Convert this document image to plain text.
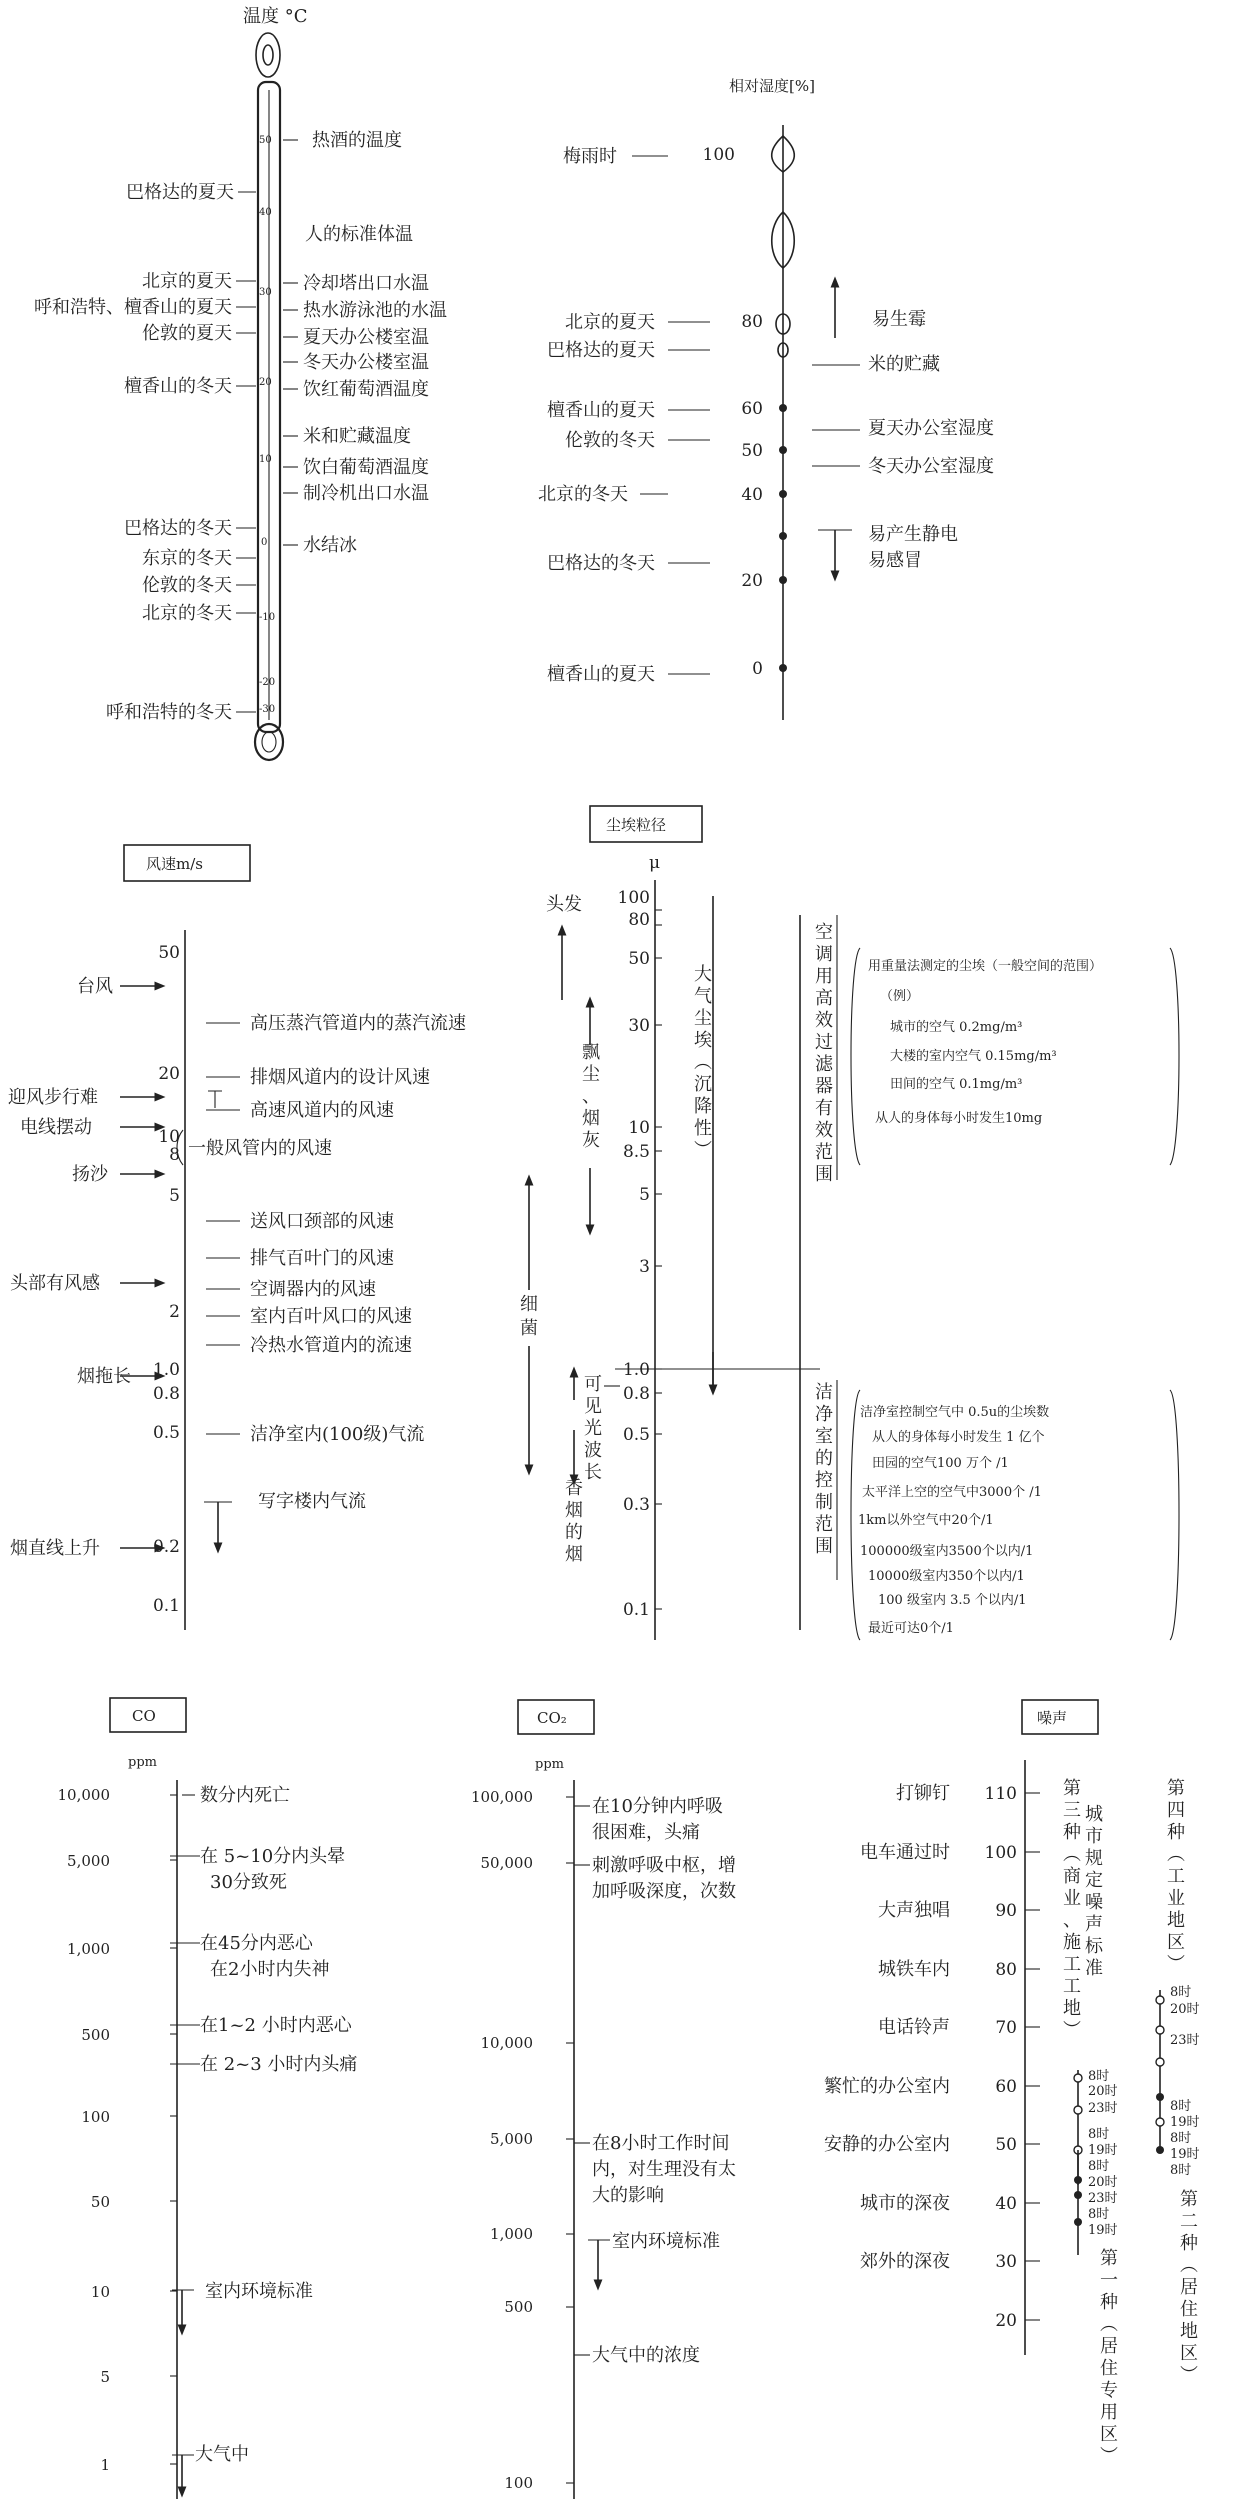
温度 °C
50
40
30
20
10
0
-10
-20
-30
巴格达的夏天
北京的夏天
呼和浩特、檀香山的夏天
伦敦的夏天
檀香山的冬天
巴格达的冬天
东京的冬天
伦敦的冬天
北京的冬天
呼和浩特的冬天
热酒的温度
人的标准体温
冷却塔出口水温
热水游泳池的水温
夏天办公楼室温
冬天办公楼室温
饮红葡萄酒温度
米和贮藏温度
饮白葡萄酒温度
制冷机出口水温
水结冰
相对湿度[%]
100
80
60
50
40
20
0
梅雨时
北京的夏天
巴格达的夏天
檀香山的夏天
伦敦的冬天
北京的冬天
巴格达的冬天
檀香山的夏天
易生霉
米的贮藏
夏天办公室湿度
冬天办公室湿度
易产生静电
易感冒
风速m/s
50
20
10
8
5
2
1.0
0.8
0.5
0.2
0.1
台风
迎风步行难
电线摆动
扬沙
头部有风感
烟拖长
烟直线上升
高压蒸汽管道内的蒸汽流速
排烟风道内的设计风速
高速风道内的风速
一般风管内的风速
送风口颈部的风速
排气百叶门的风速
空调器内的风速
室内百叶风口的风速
冷热水管道内的流速
洁净室内(100级)气流
写字楼内气流
尘埃粒径
μ
100
80
50
30
10
8.5
5
3
1.0
0.8
0.5
0.3
0.1
头发
飘尘、烟灰
细菌
可见光波长
香烟的烟
大气尘埃︵沉降性︶
空调用高效过滤器有效范围
洁净室的控制范围
用重量法测定的尘埃（一般空间的范围）
（例）
城市的空气 0.2mg/m³
大楼的室内空气 0.15mg/m³
田间的空气 0.1mg/m³
从人的身体每小时发生10mg
洁净室控制空气中 0.5u的尘埃数
从人的身体每小时发生 1 亿个
田园的空气100 万个 /1
太平洋上空的空气中3000个 /1
1km以外空气中20个/1
100000级室内3500个以内/1
10000级室内350个以内/1
100 级室内 3.5 个以内/1
最近可达0个/1
CO
ppm
10,000
5,000
1,000
500
100
50
10
5
1
数分内死亡
在 5~10分内头晕
30分致死
在45分内恶心
在2小时内失神
在1~2 小时内恶心
在 2~3 小时内头痛
室内环境标准
大气中
CO₂
ppm
100,000
50,000
10,000
5,000
1,000
500
100
在10分钟内呼吸
很困难，头痛
刺激呼吸中枢，增
加呼吸深度，次数
在8小时工作时间
内，对生理没有太
大的影响
室内环境标准
大气中的浓度
噪声
110
100
90
80
70
60
50
40
30
20
打铆钉
电车通过时
大声独唱
城铁车内
电话铃声
繁忙的办公室内
安静的办公室内
城市的深夜
郊外的深夜
城市规定噪声标准
第三种︵商业、施工工地︶
第四种︵工业地区︶
第一种︵居住专用区︶
第二种︵居住地区︶
8时
20时
23时
8时
19时
8时
20时
23时
8时
19时
8时
20时
23时
8时
19时
8时
19时
8时
